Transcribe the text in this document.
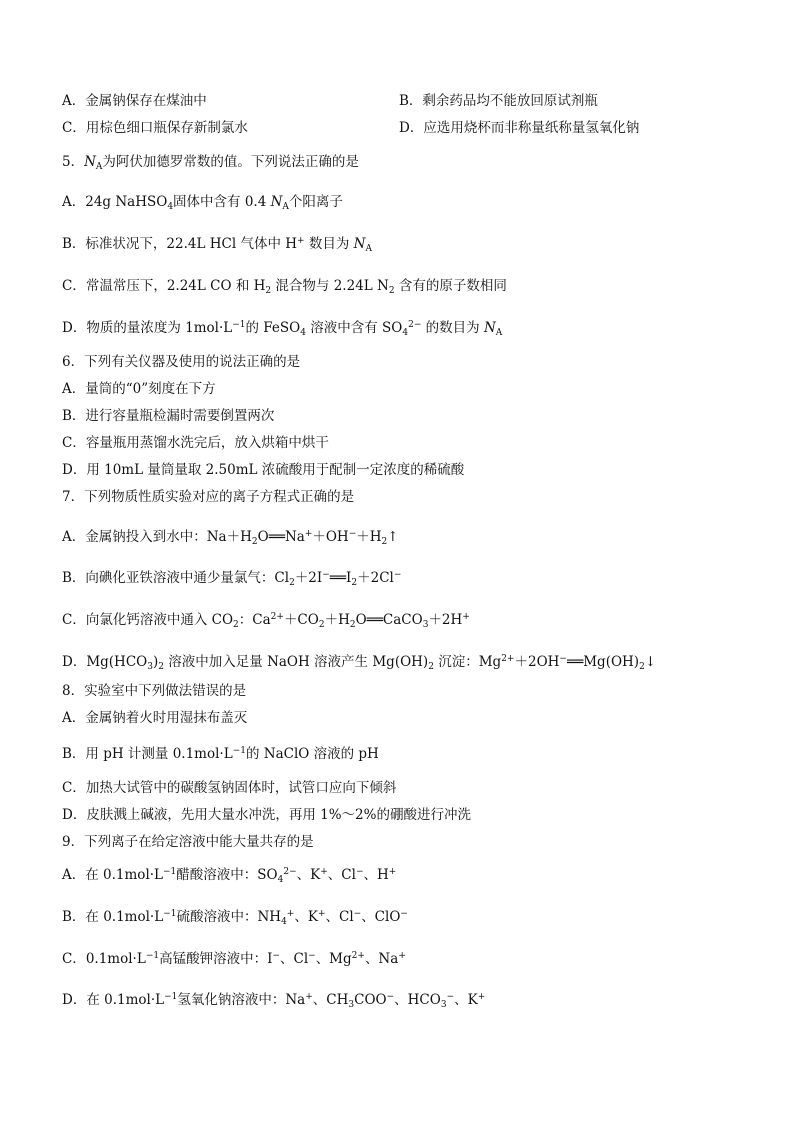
A．金属钠保存在煤油中	B．剩余药品均不能放回原试剂瓶
C．用棕色细口瓶保存新制氯水	D．应选用烧杯而非称量纸称量氢氧化钠
5．$N_A$为阿伏加德罗常数的值。下列说法正确的是
A．24g NaHSO$_4$固体中含有 0.4 $N_A$个阳离子
B．标准状况下，22.4L HCl 气体中 H+ 数目为 $N_A$
C．常温常压下，2.24L CO 和 $H_2$ 混合物与 2.24L $N_2$ 含有的原子数相同
D．物质的量浓度为 $1mol\cdot L^{-1}$的 FeSO$_4$ 溶液中含有 $SO_4^{2-}$ 的数目为 $N_A$
6．下列有关仪器及使用的说法正确的是
A．量筒的“0”刻度在下方
B．进行容量瓶检漏时需要倒置两次
C．容量瓶用蒸馏水洗完后，放入烘箱中烘干
D．用 10mL 量筒量取 2.50mL 浓硫酸用于配制一定浓度的稀硫酸
7．下列物质性质实验对应的离子方程式正确的是
A．金属钠投入到水中：$Na+H_2O══Na^++OH^-+H_2↑$
B．向碘化亚铁溶液中通少量氯气：$Cl_2+2I^-══I_2+2Cl^-$
C．向氯化钙溶液中通入 $CO_2$：$Ca^{2+}+CO_2+H_2O══CaCO_3+2H^+$
D．$Mg(HCO_3)_2$ 溶液中加入足量 NaOH 溶液产生 $Mg(OH)_2$ 沉淀：$Mg^{2+}+2OH^-══Mg(OH)_2↓$
8．实验室中下列做法错误的是
A．金属钠着火时用湿抹布盖灭
B．用 pH 计测量 $0.1mol\cdot L^{-1}$的 NaClO 溶液的 pH
C．加热大试管中的碳酸氢钠固体时，试管口应向下倾斜
D．皮肤溅上碱液，先用大量水冲洗，再用 1%～2%的硼酸进行冲洗
9．下列离子在给定溶液中能大量共存的是
A．在 $0.1mol\cdot L^{-1}$醋酸溶液中：$SO_4^{2-}$、K+、Cl−、H+
B．在 $0.1mol\cdot L^{-1}$硫酸溶液中：$NH_4^+$、K+、Cl−、ClO−
C．$0.1mol\cdot L^{-1}$高锰酸钾溶液中：I−、Cl−、$Mg^{2+}$、Na+
D．在 $0.1mol\cdot L^{-1}$氢氧化钠溶液中：Na+、$CH_3COO^-$、$HCO_3^-$、K+
